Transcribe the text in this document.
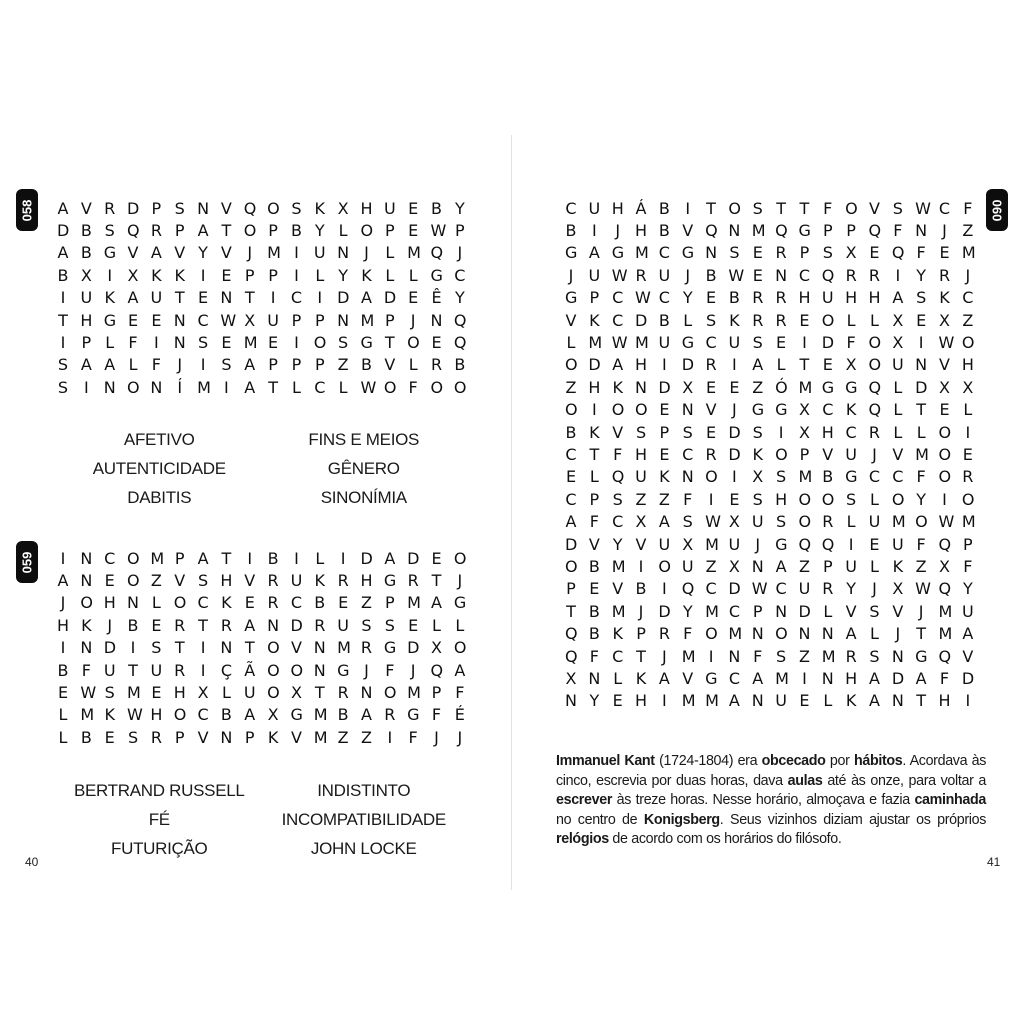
058 A V R D P S N V Q O S K X H U E B Y
D B S Q R P A T O P B Y L O P E W P
A B G V A V Y V J M I U N J L M Q J
B X I X K K I E P P I L Y K L L G C
I U K A U T E N T I C I D A D E Ê Y
T H G E E N C W X U P P N M P J N Q
I P L F I N S E M E I O S G T O E Q
S A A L F J I S A P P P Z B V L R B
S I N O N Í M I A T L C L W O F O O
AFETIVO	FINS E MEIOS
AUTENTICIDADE	GÊNERO
DABITIS	SINONÍMIA
059 I N C O M P A T I B I L I D A D E O
A N E O Z V S H V R U K R H G R T J
J O H N L O C K E R C B E Z P M A G
H K J B E R T R A N D R U S S E L L
I N D I S T I N T O V N M R G D X O
B F U T U R I Ç Ã O O N G J F J Q A
E W S M E H X L U O X T R N O M P F
L M K W H O C B A X G M B A R G F É
L B E S R P V N P K V M Z Z I F J J
BERTRAND RUSSELL	INDISTINTO
FÉ	INCOMPATIBILIDADE
FUTURIÇÃO	JOHN LOCKE
40
060
C U H Á B I T O S T T F O V S W C F
B I J H B V Q N M Q G P P Q F N J Z
G A G M C G N S E R P S X E Q F E M
J U W R U J B W E N C Q R R I Y R J
G P C W C Y E B R R H U H H A S K C
V K C D B L S K R R E O L L X E X Z
L M W M U G C U S E I D F O X I W O
O D A H I D R I A L T E X O U N V H
Z H K N D X E E Z Ó M G G Q L D X X
O I O O E N V J G G X C K Q L T E L
B K V S P S E D S I X H C R L L O I
C T F H E C R D K O P V U J V M O E
E L Q U K N O I X S M B G C C F O R
C P S Z Z F I E S H O O S L O Y I O
A F C X A S W X U S O R L U M O W M
D V Y V U X M U J G Q Q I E U F Q P
O B M I O U Z X N A Z P U L K Z X F
P E V B I Q C D W C U R Y J X W Q Y
T B M J D Y M C P N D L V S V J M U
Q B K P R F O M N O N N A L J T M A
Q F C T J M I N F S Z M R S N G Q V
X N L K A V G C A M I N H A D A F D
N Y E H I M M A N U E L K A N T H I
Immanuel Kant (1724-1804) era obcecado por hábitos. Acordava às cinco, escrevia por duas horas, dava aulas até às onze, para voltar a escrever às treze horas. Nesse horário, almoçava e fazia caminhada no centro de Konigsberg. Seus vizinhos diziam ajustar os próprios relógios de acordo com os horários do filósofo.
41
